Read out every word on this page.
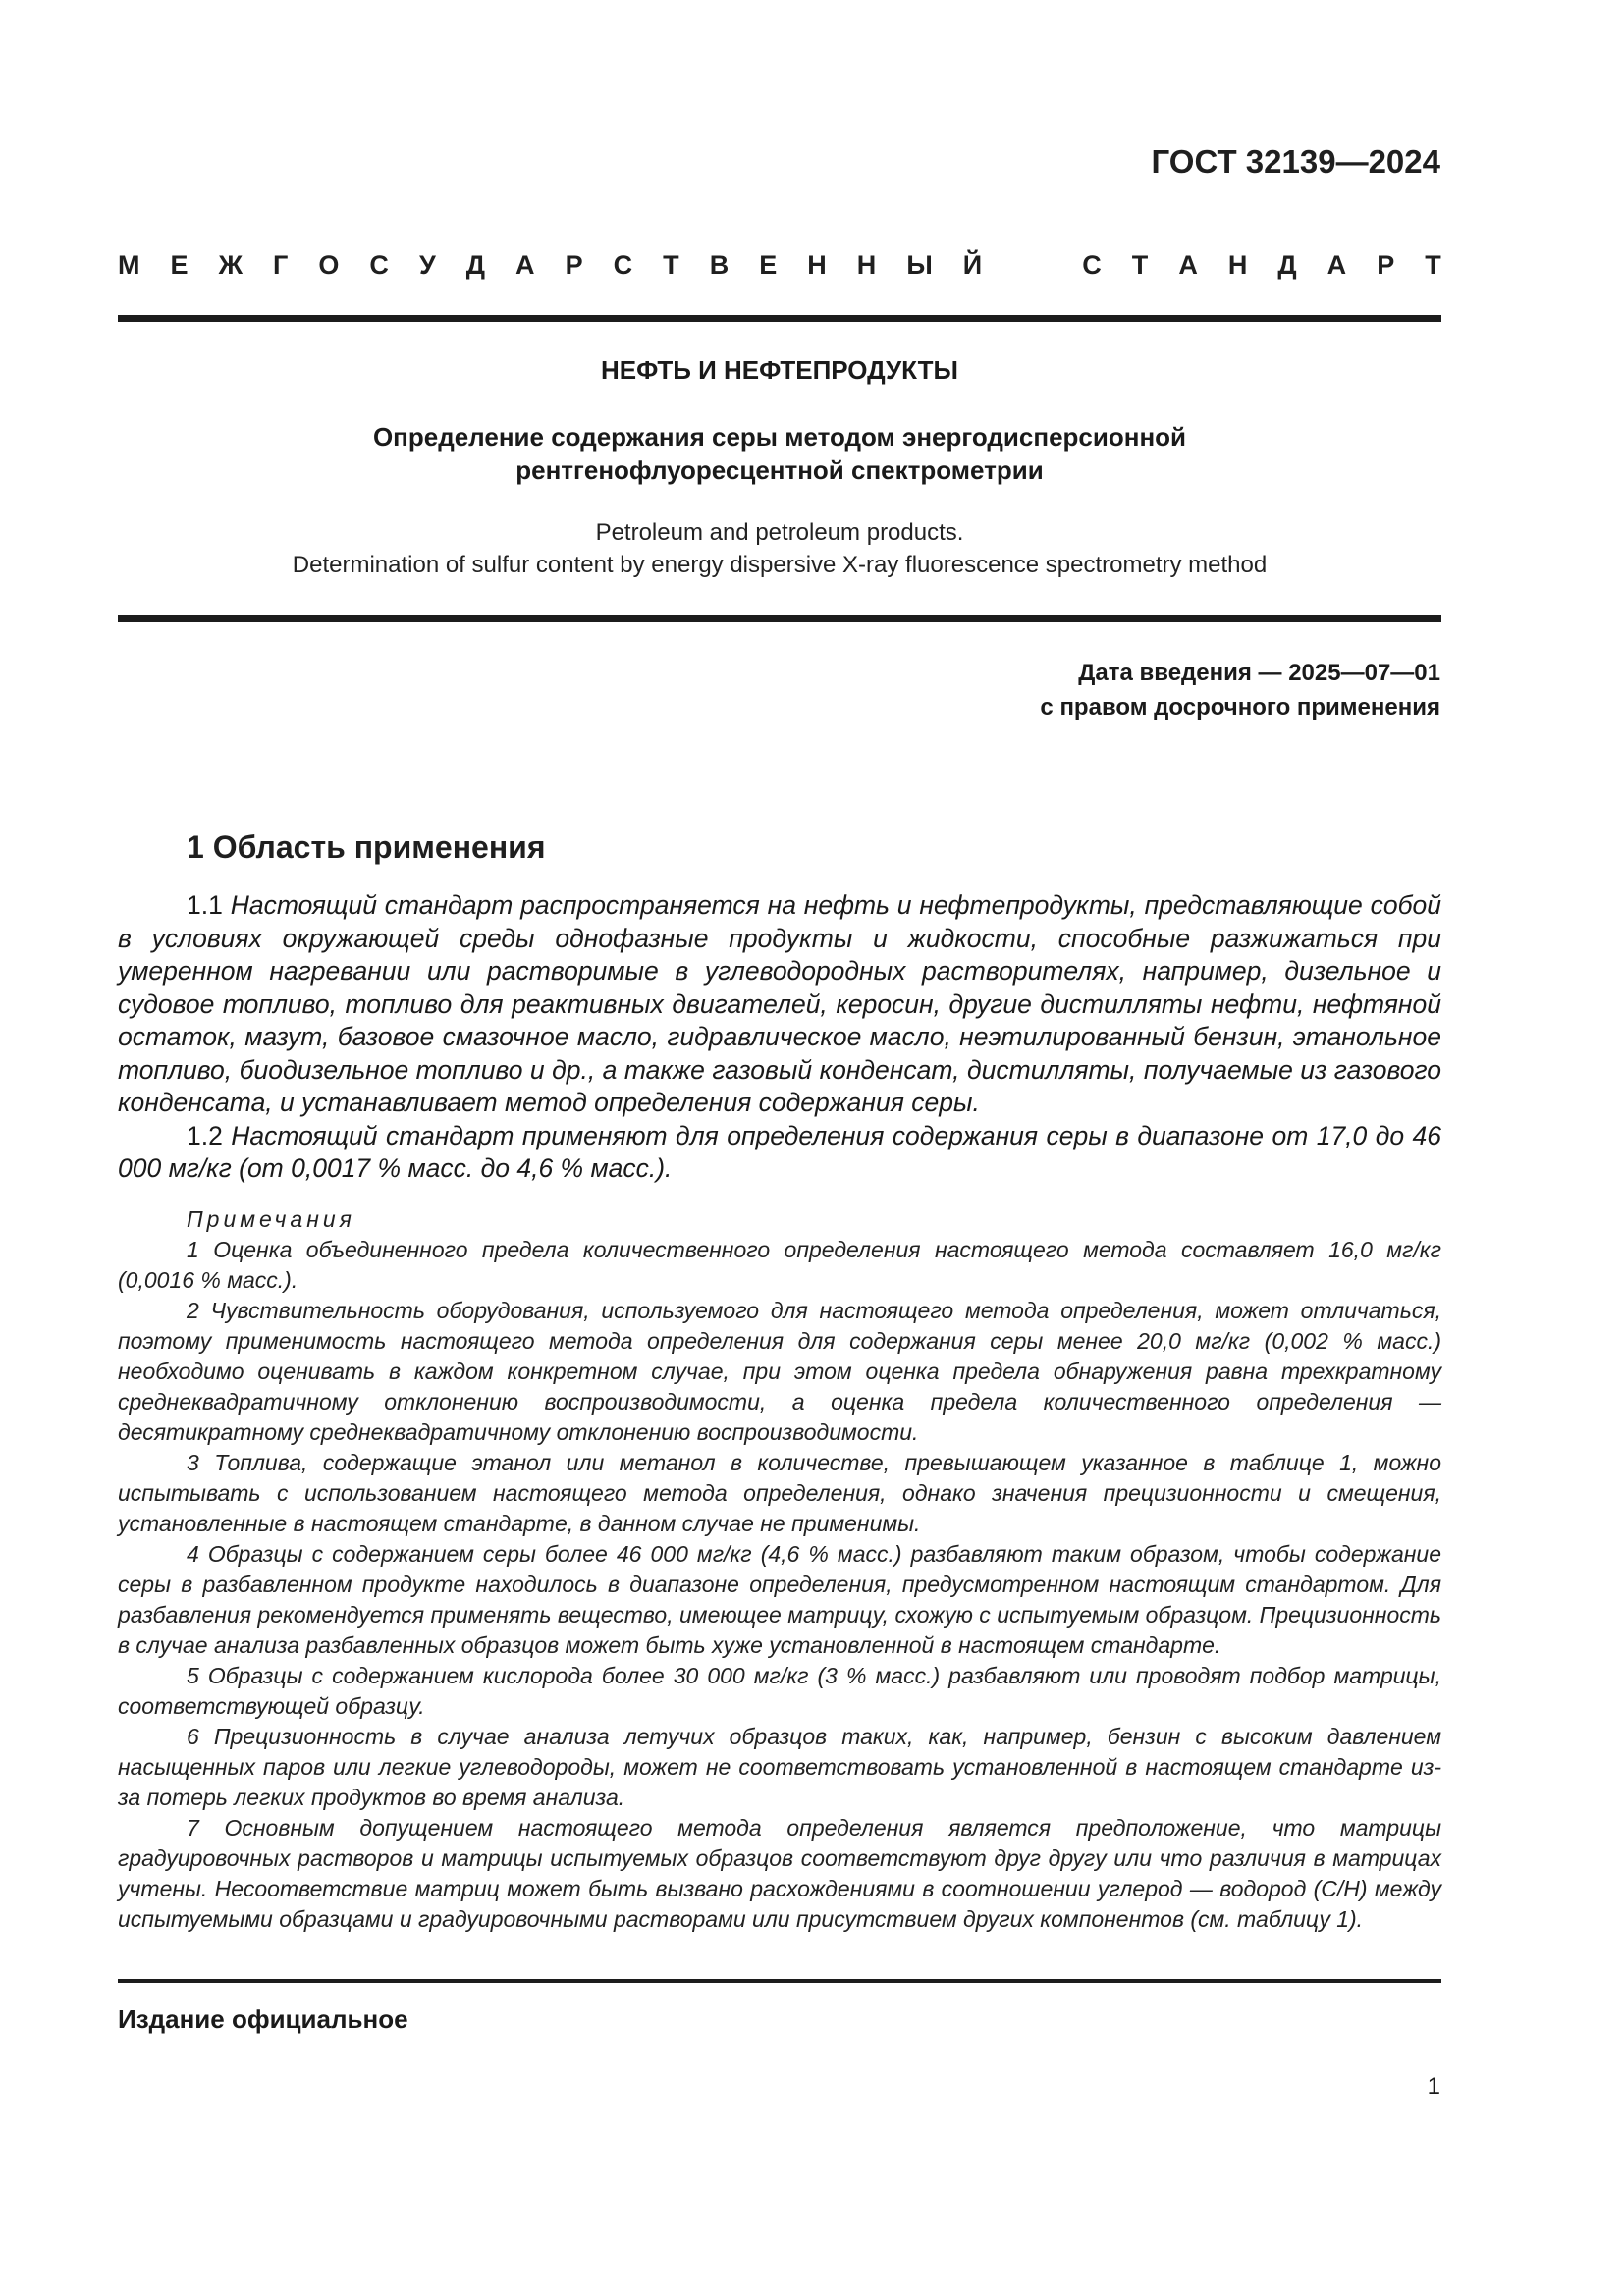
ГОСТ 32139—2024
М Е Ж Г О С У Д А Р С Т В Е Н Н Ы Й	С Т А Н Д А Р Т
НЕФТЬ И НЕФТЕПРОДУКТЫ
Определение содержания серы методом энергодисперсионной
рентгенофлуоресцентной спектрометрии
Petroleum and petroleum products.
Determination of sulfur content by energy dispersive X-ray fluorescence spectrometry method
Дата введения — 2025—07—01
с правом досрочного применения
1 Область применения

1.1 Настоящий стандарт распространяется на нефть и нефтепродукты, представляющие собой в условиях окружающей среды однофазные продукты и жидкости, способные разжижаться при умеренном нагревании или растворимые в углеводородных растворителях, например, дизельное и судовое топливо, топливо для реактивных двигателей, керосин, другие дистилляты нефти, нефтяной остаток, мазут, базовое смазочное масло, гидравлическое масло, неэтилированный бензин, этанольное топливо, биодизельное топливо и др., а также газовый конденсат, дистилляты, получаемые из газового конденсата, и устанавливает метод определения содержания серы.

1.2 Настоящий стандарт применяют для определения содержания серы в диапазоне от 17,0 до 46 000 мг/кг (от 0,0017 % масс. до 4,6 % масс.).

Примечания

1 Оценка объединенного предела количественного определения настоящего метода составляет 16,0 мг/кг (0,0016 % масс.).

2 Чувствительность оборудования, используемого для настоящего метода определения, может отличаться, поэтому применимость настоящего метода определения для содержания серы менее 20,0 мг/кг (0,002 % масс.) необходимо оценивать в каждом конкретном случае, при этом оценка предела обнаружения равна трехкратному среднеквадратичному отклонению воспроизводимости, а оценка предела количественного определения — десятикратному среднеквадратичному отклонению воспроизводимости.

3 Топлива, содержащие этанол или метанол в количестве, превышающем указанное в таблице 1, можно испытывать с использованием настоящего метода определения, однако значения прецизионности и смещения, установленные в настоящем стандарте, в данном случае не применимы.

4 Образцы с содержанием серы более 46 000 мг/кг (4,6 % масс.) разбавляют таким образом, чтобы содержание серы в разбавленном продукте находилось в диапазоне определения, предусмотренном настоящим стандартом. Для разбавления рекомендуется применять вещество, имеющее матрицу, схожую с испытуемым образцом. Прецизионность в случае анализа разбавленных образцов может быть хуже установленной в настоящем стандарте.

5 Образцы с содержанием кислорода более 30 000 мг/кг (3 % масс.) разбавляют или проводят подбор матрицы, соответствующей образцу.

6 Прецизионность в случае анализа летучих образцов таких, как, например, бензин с высоким давлением насыщенных паров или легкие углеводороды, может не соответствовать установленной в настоящем стандарте из-за потерь легких продуктов во время анализа.

7 Основным допущением настоящего метода определения является предположение, что матрицы градуировочных растворов и матрицы испытуемых образцов соответствуют друг другу или что различия в матрицах учтены. Несоответствие матриц может быть вызвано расхождениями в соотношении углерод — водород (С/Н) между испытуемыми образцами и градуировочными растворами или присутствием других компонентов (см. таблицу 1).

Издание официальное
1
